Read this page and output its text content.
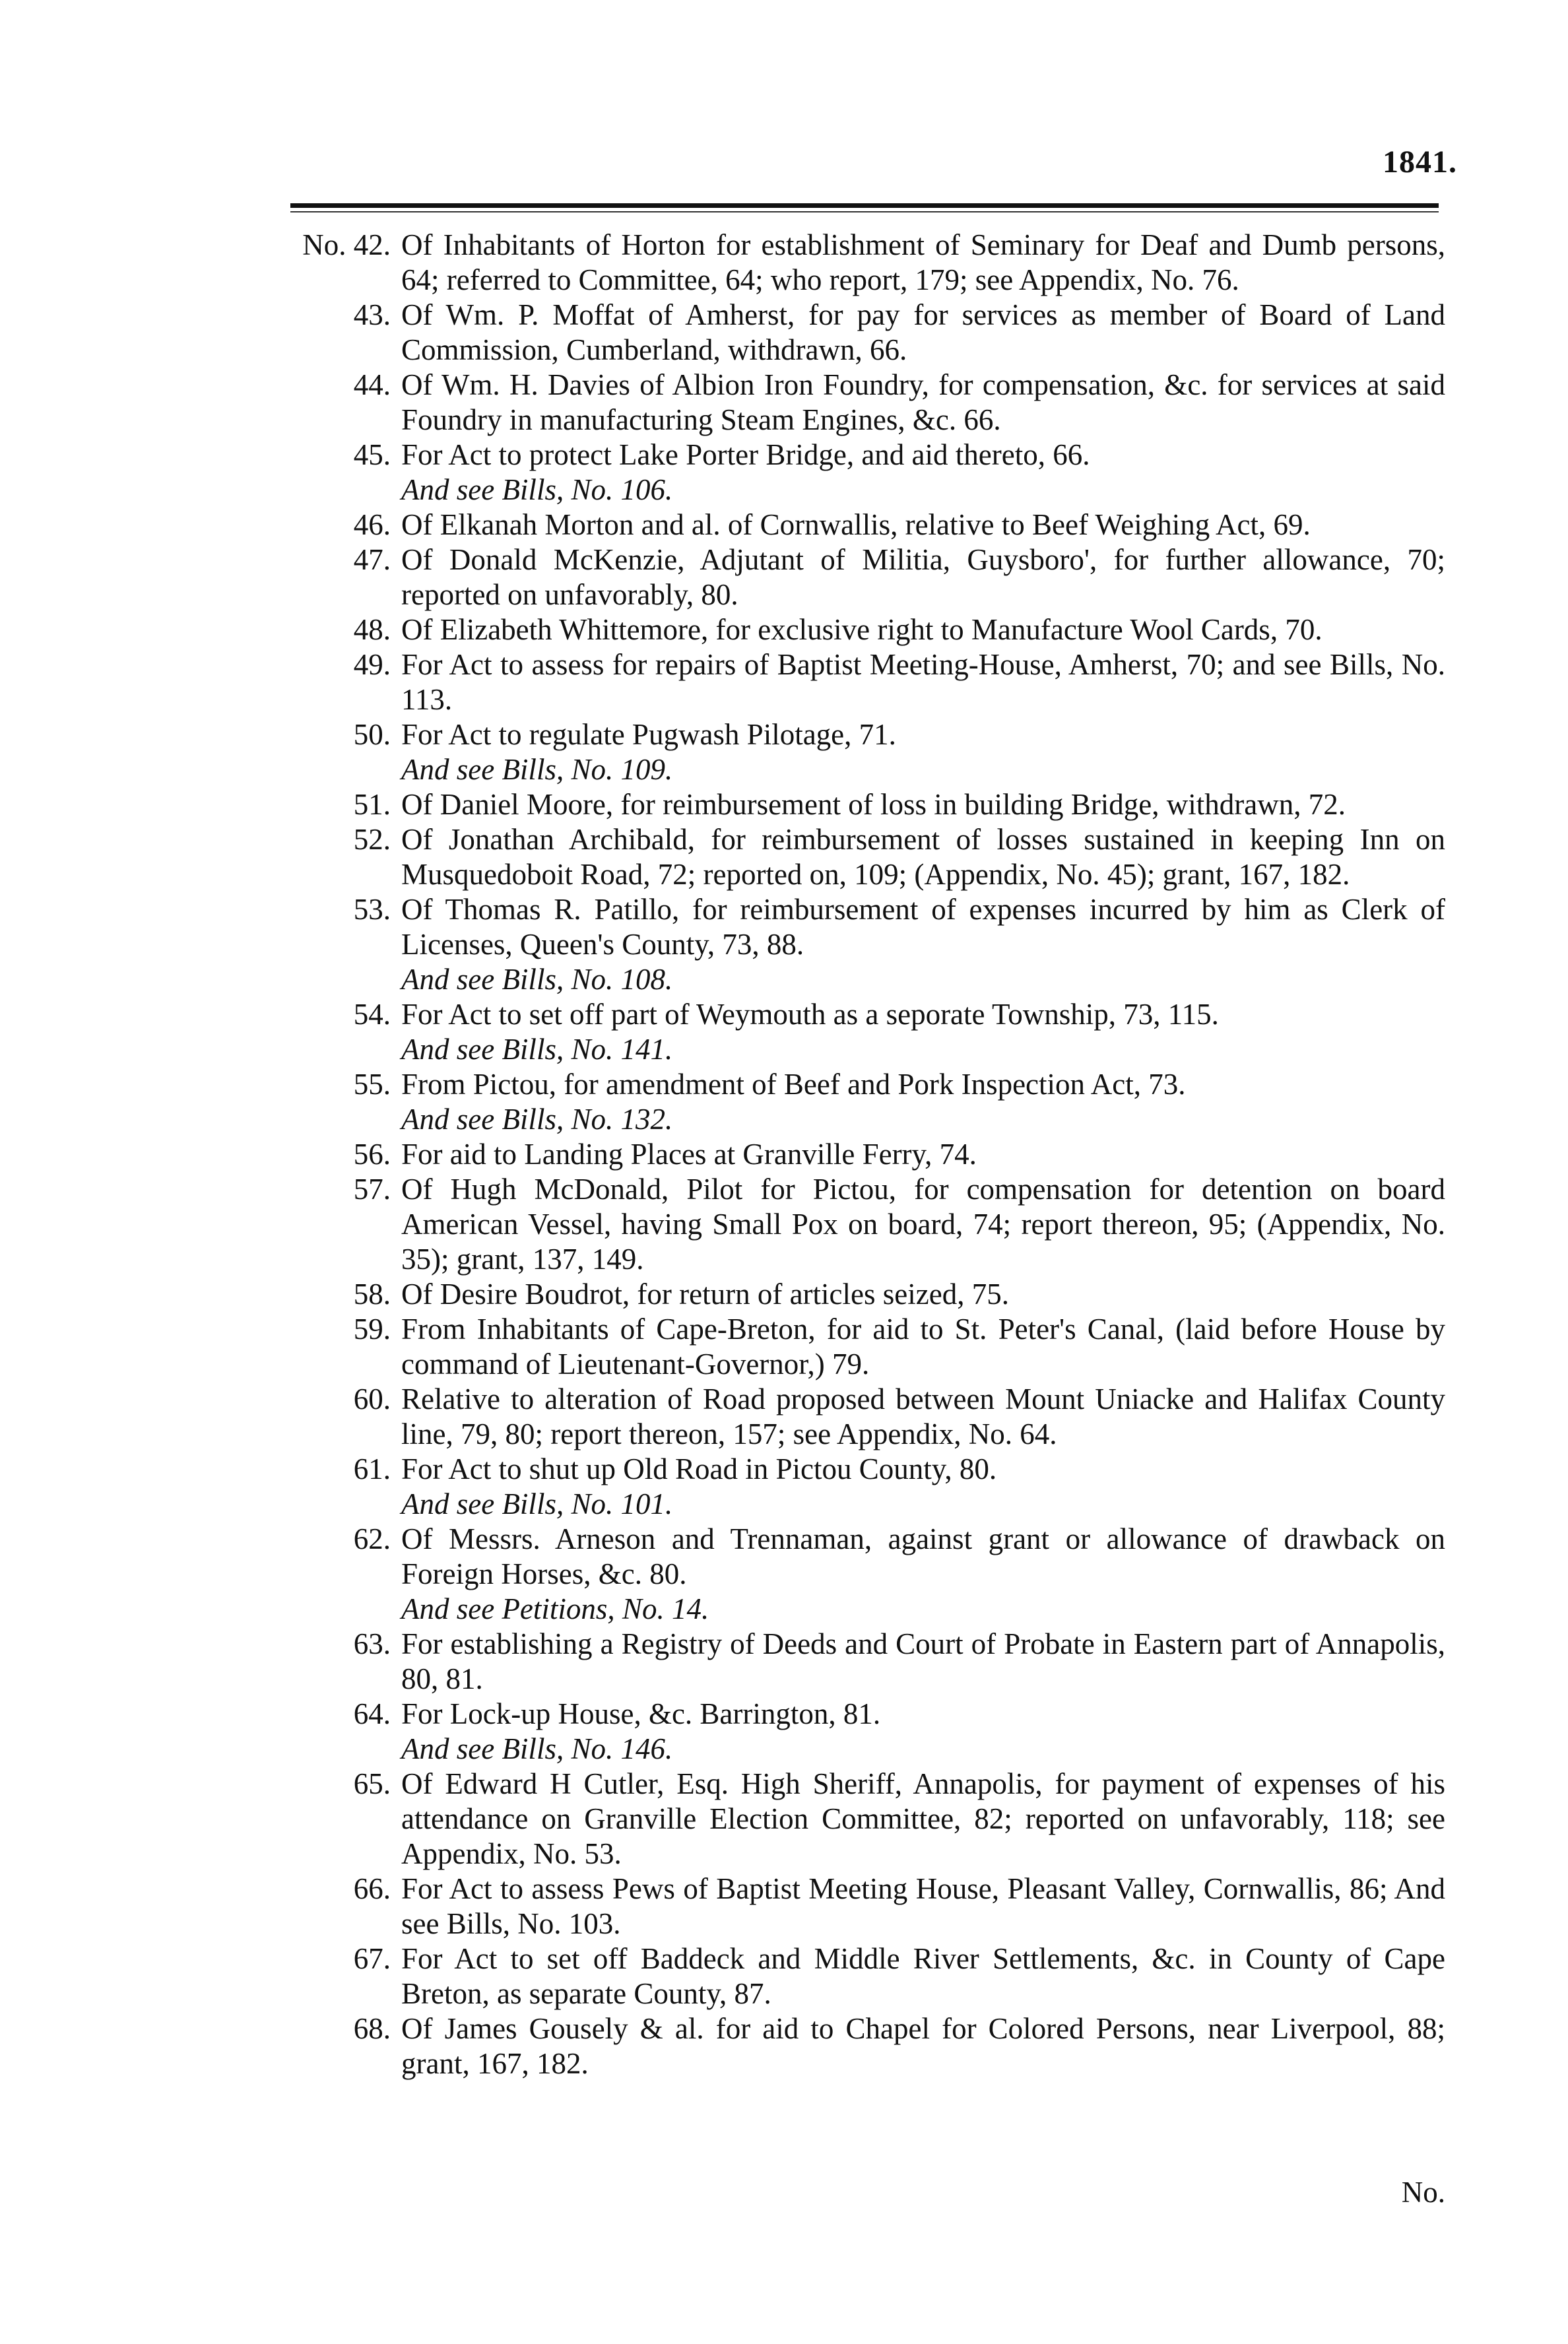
1841.
No. 42. Of Inhabitants of Horton for establishment of Seminary for Deaf and Dumb persons, 64; referred to Committee, 64; who report, 179; see Appendix, No. 76.
43. Of Wm. P. Moffat of Amherst, for pay for services as member of Board of Land Commission, Cumberland, withdrawn, 66.
44. Of Wm. H. Davies of Albion Iron Foundry, for compensation, &c. for services at said Foundry in manufacturing Steam Engines, &c. 66.
45. For Act to protect Lake Porter Bridge, and aid thereto, 66.
And see Bills, No. 106.
46. Of Elkanah Morton and al. of Cornwallis, relative to Beef Weighing Act, 69.
47. Of Donald McKenzie, Adjutant of Militia, Guysboro', for further allowance, 70; reported on unfavorably, 80.
48. Of Elizabeth Whittemore, for exclusive right to Manufacture Wool Cards, 70.
49. For Act to assess for repairs of Baptist Meeting-House, Amherst, 70; and see Bills, No. 113.
50. For Act to regulate Pugwash Pilotage, 71.
And see Bills, No. 109.
51. Of Daniel Moore, for reimbursement of loss in building Bridge, withdrawn, 72.
52. Of Jonathan Archibald, for reimbursement of losses sustained in keeping Inn on Musquedoboit Road, 72; reported on, 109; (Appendix, No. 45); grant, 167, 182.
53. Of Thomas R. Patillo, for reimbursement of expenses incurred by him as Clerk of Licenses, Queen's County, 73, 88.
And see Bills, No. 108.
54. For Act to set off part of Weymouth as a seporate Township, 73, 115.
And see Bills, No. 141.
55. From Pictou, for amendment of Beef and Pork Inspection Act, 73.
And see Bills, No. 132.
56. For aid to Landing Places at Granville Ferry, 74.
57. Of Hugh McDonald, Pilot for Pictou, for compensation for detention on board American Vessel, having Small Pox on board, 74; report thereon, 95; (Appendix, No. 35); grant, 137, 149.
58. Of Desire Boudrot, for return of articles seized, 75.
59. From Inhabitants of Cape-Breton, for aid to St. Peter's Canal, (laid before House by command of Lieutenant-Governor,) 79.
60. Relative to alteration of Road proposed between Mount Uniacke and Halifax County line, 79, 80; report thereon, 157; see Appendix, No. 64.
61. For Act to shut up Old Road in Pictou County, 80.
And see Bills, No. 101.
62. Of Messrs. Arneson and Trennaman, against grant or allowance of drawback on Foreign Horses, &c. 80.
And see Petitions, No. 14.
63. For establishing a Registry of Deeds and Court of Probate in Eastern part of Annapolis, 80, 81.
64. For Lock-up House, &c. Barrington, 81.
And see Bills, No. 146.
65. Of Edward H Cutler, Esq. High Sheriff, Annapolis, for payment of expenses of his attendance on Granville Election Committee, 82; reported on unfavorably, 118; see Appendix, No. 53.
66. For Act to assess Pews of Baptist Meeting House, Pleasant Valley, Cornwallis, 86; And see Bills, No. 103.
67. For Act to set off Baddeck and Middle River Settlements, &c. in County of Cape Breton, as separate County, 87.
68. Of James Gousely & al. for aid to Chapel for Colored Persons, near Liverpool, 88; grant, 167, 182.
No.
